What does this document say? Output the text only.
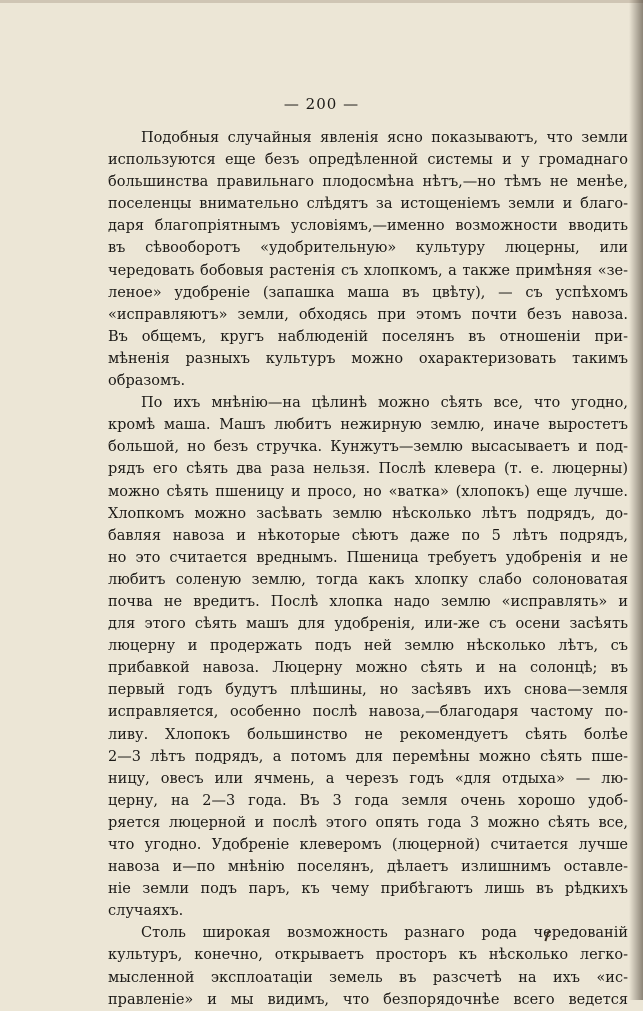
— 200 —
Подобныя случайныя явленія ясно показываютъ, что земли
используются еще безъ опредѣленной системы и у громаднаго
большинства правильнаго плодосмѣна нѣтъ,—но тѣмъ не менѣе,
поселенцы внимательно слѣдятъ за истощеніемъ земли и благо-
даря благопріятнымъ условіямъ,—именно возможности вводить
въ сѣвооборотъ «удобрительную» культуру люцерны, или
чередовать бобовыя растенія съ хлопкомъ, а также примѣняя «зе-
леное» удобреніе (запашка маша въ цвѣту), — съ успѣхомъ
«исправляютъ» земли, обходясь при этомъ почти безъ навоза.
Въ общемъ, кругъ наблюденій поселянъ въ отношеніи при-
мѣненія разныхъ культуръ можно охарактеризовать такимъ
образомъ.
По ихъ мнѣнію—на цѣлинѣ можно сѣять все, что угодно,
кромѣ маша. Машъ любитъ нежирную землю, иначе выростетъ
большой, но безъ стручка. Кунжутъ—землю высасываетъ и под-
рядъ его сѣять два раза нельзя. Послѣ клевера (т. е. люцерны)
можно сѣять пшеницу и просо, но «ватка» (хлопокъ) еще лучше.
Хлопкомъ можно засѣвать землю нѣсколько лѣтъ подрядъ, до-
бавляя навоза и нѣкоторые сѣютъ даже по 5 лѣтъ подрядъ,
но это считается вреднымъ. Пшеница требуетъ удобренія и не
любитъ соленую землю, тогда какъ хлопку слабо солоноватая
почва не вредитъ. Послѣ хлопка надо землю «исправлять» и
для этого сѣять машъ для удобренія, или-же съ осени засѣять
люцерну и продержать подъ ней землю нѣсколько лѣтъ, съ
прибавкой навоза. Люцерну можно сѣять и на солонцѣ; въ
первый годъ будутъ плѣшины, но засѣявъ ихъ снова—земля
исправляется, особенно послѣ навоза,—благодаря частому по-
ливу. Хлопокъ большинство не рекомендуетъ сѣять болѣе
2—3 лѣтъ подрядъ, а потомъ для перемѣны можно сѣять пше-
ницу, овесъ или ячмень, а черезъ годъ «для отдыха» — лю-
церну, на 2—3 года. Въ 3 года земля очень хорошо удоб-
ряется люцерной и послѣ этого опять года 3 можно сѣять все,
что угодно. Удобреніе клеверомъ (люцерной) считается лучше
навоза и—по мнѣнію поселянъ, дѣлаетъ излишнимъ оставле-
ніе земли подъ паръ, къ чему прибѣгаютъ лишь въ рѣдкихъ
случаяхъ.
Столь широкая возможность разнаго рода чередованій
культуръ, конечно, открываетъ просторъ къ нѣсколько легко-
мысленной эксплоатаціи земель въ разсчетѣ на ихъ «ис-
правленіе» и мы видимъ, что безпорядочнѣе всего ведется
